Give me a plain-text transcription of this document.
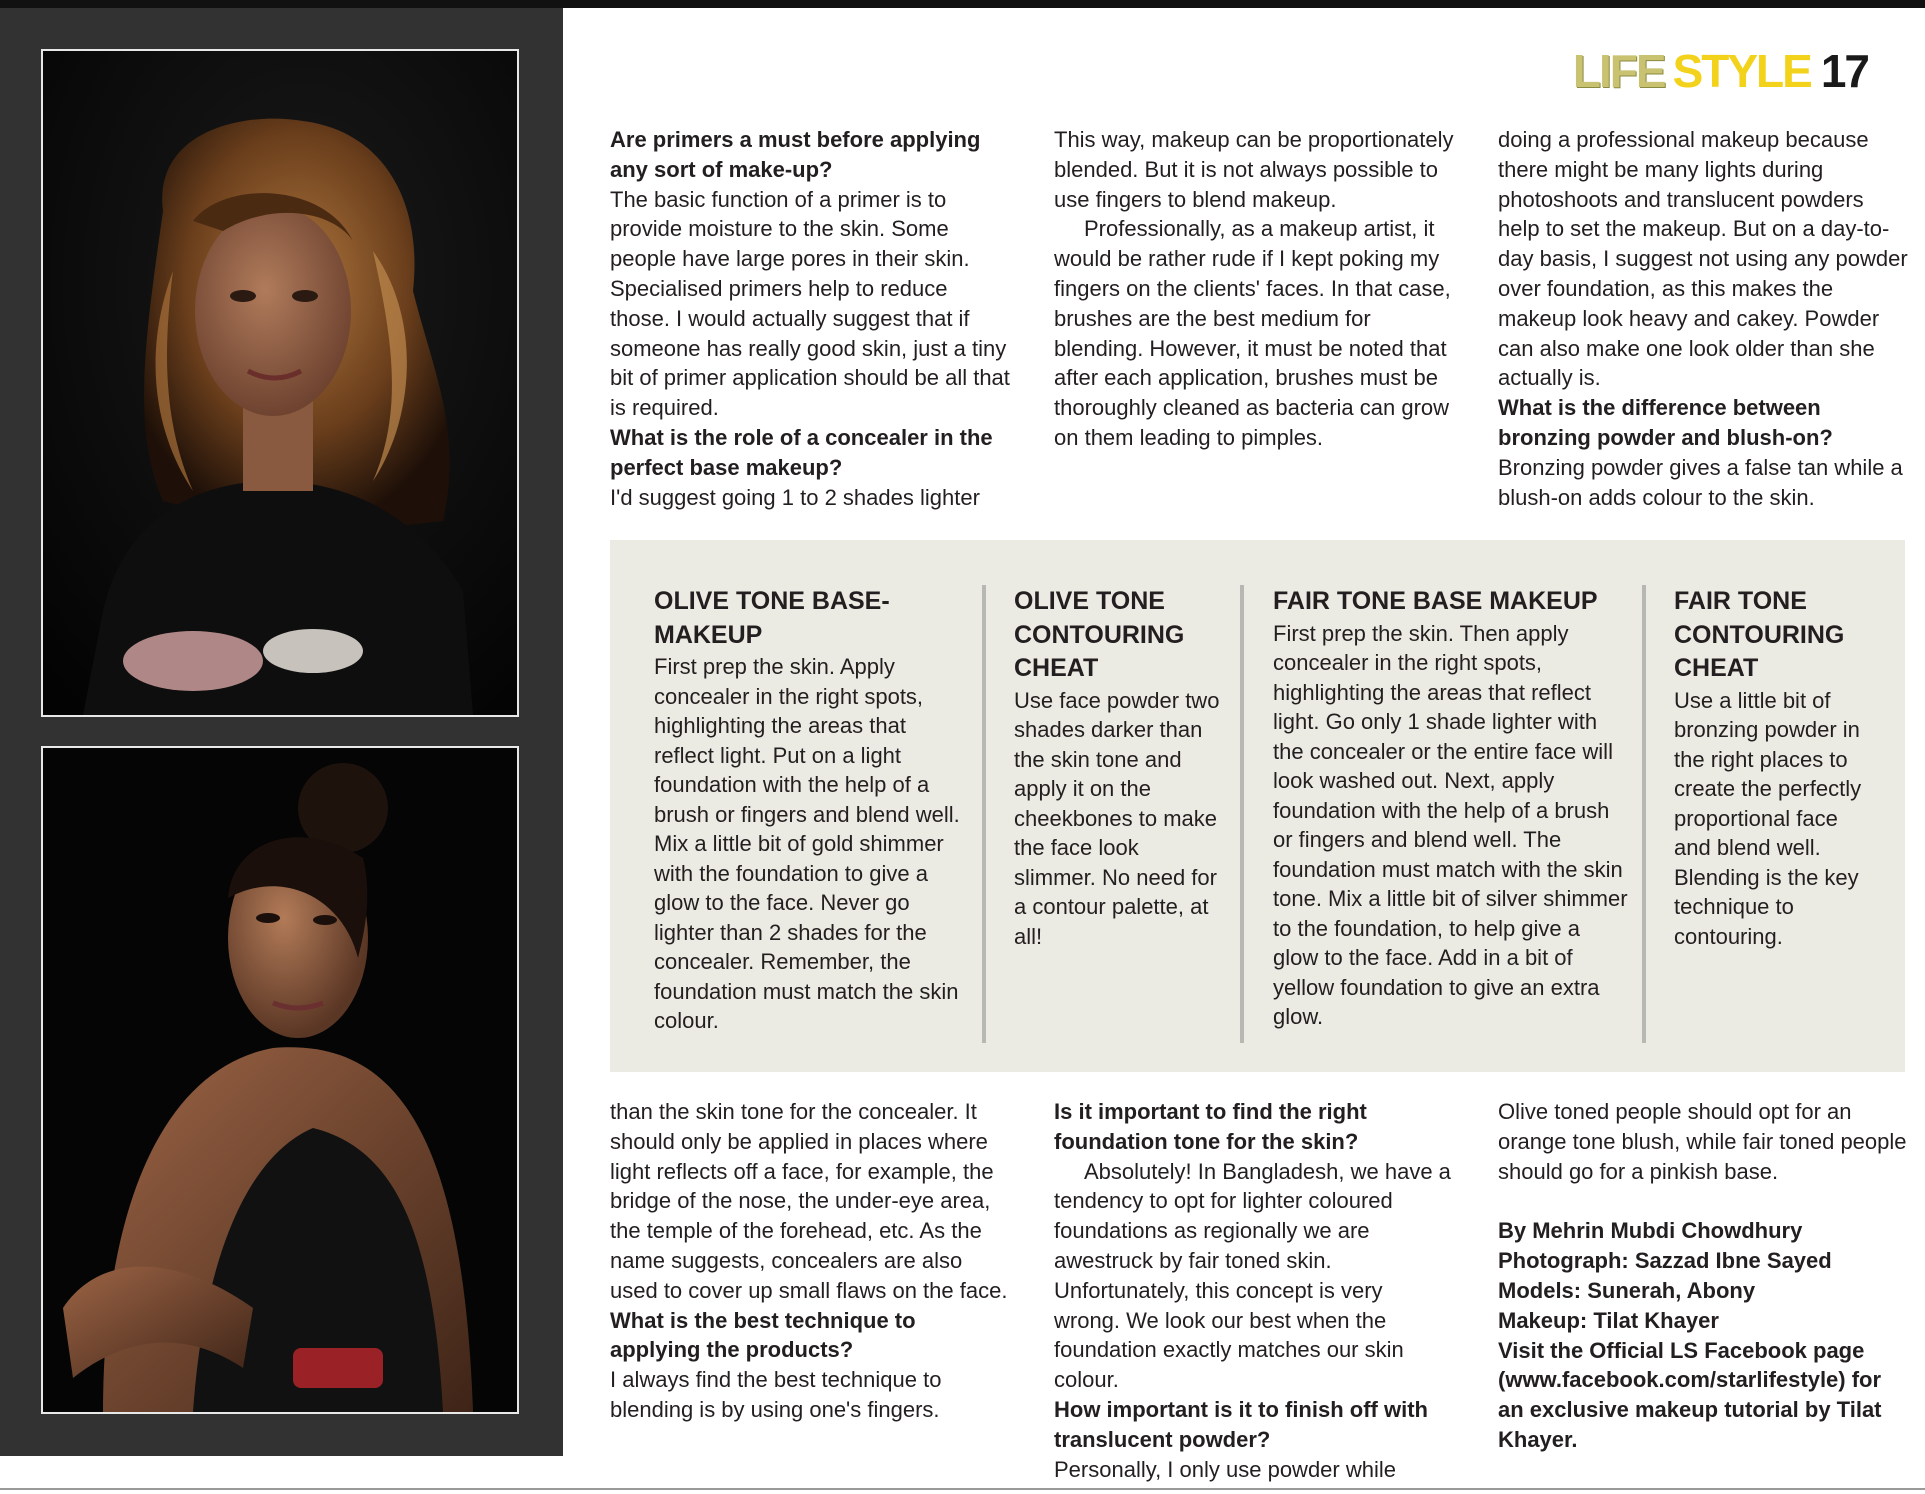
LIFE STYLE 17

Are primers a must before applying any sort of make-up?

The basic function of a primer is to provide moisture to the skin. Some people have large pores in their skin. Specialised primers help to reduce those. I would actually suggest that if someone has really good skin, just a tiny bit of primer application should be all that is required.

What is the role of a concealer in the perfect base makeup?

I'd suggest going 1 to 2 shades lighter

This way, makeup can be proportionately blended. But it is not always possible to use fingers to blend makeup.

Professionally, as a makeup artist, it would be rather rude if I kept poking my fingers on the clients' faces. In that case, brushes are the best medium for blending. However, it must be noted that after each application, brushes must be thoroughly cleaned as bacteria can grow on them leading to pimples.

doing a professional makeup because there might be many lights during photoshoots and translucent powders help to set the makeup. But on a day-to-day basis, I suggest not using any powder over foundation, as this makes the makeup look heavy and cakey. Powder can also make one look older than she actually is.

What is the difference between bronzing powder and blush-on?

Bronzing powder gives a false tan while a blush-on adds colour to the skin.

OLIVE TONE BASE-MAKEUP

First prep the skin. Apply concealer in the right spots, highlighting the areas that reflect light. Put on a light foundation with the help of a brush or fingers and blend well. Mix a little bit of gold shimmer with the foundation to give a glow to the face. Never go lighter than 2 shades for the concealer. Remember, the foundation must match the skin colour.

OLIVE TONE CONTOURING CHEAT

Use face powder two shades darker than the skin tone and apply it on the cheekbones to make the face look slimmer. No need for a contour palette, at all!

FAIR TONE BASE MAKEUP

First prep the skin. Then apply concealer in the right spots, highlighting the areas that reflect light. Go only 1 shade lighter with the concealer or the entire face will look washed out. Next, apply foundation with the help of a brush or fingers and blend well. The foundation must match with the skin tone. Mix a little bit of silver shimmer to the foundation, to help give a glow to the face. Add in a bit of yellow foundation to give an extra glow.

FAIR TONE CONTOURING CHEAT

Use a little bit of bronzing powder in the right places to create the perfectly proportional face and blend well. Blending is the key technique to contouring.

than the skin tone for the concealer. It should only be applied in places where light reflects off a face, for example, the bridge of the nose, the under-eye area, the temple of the forehead, etc. As the name suggests, concealers are also used to cover up small flaws on the face.

What is the best technique to applying the products?

I always find the best technique to blending is by using one's fingers.

Is it important to find the right foundation tone for the skin?

Absolutely! In Bangladesh, we have a tendency to opt for lighter coloured foundations as regionally we are awestruck by fair toned skin. Unfortunately, this concept is very wrong. We look our best when the foundation exactly matches our skin colour.

How important is it to finish off with translucent powder?

Personally, I only use powder while

Olive toned people should opt for an orange tone blush, while fair toned people should go for a pinkish base.

By Mehrin Mubdi Chowdhury

Photograph: Sazzad Ibne Sayed

Models: Sunerah, Abony

Makeup: Tilat Khayer

Visit the Official LS Facebook page (www.facebook.com/starlifestyle) for an exclusive makeup tutorial by Tilat Khayer.
